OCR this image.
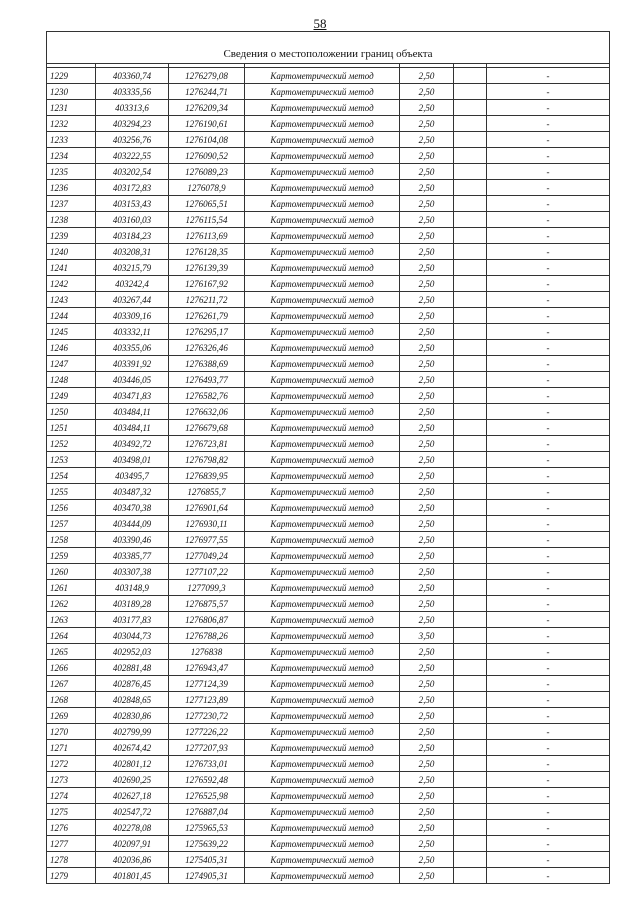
58
Сведения о местоположении границ объекта						

1229	403360,74	1276279,08	Картометрический метод	2,50		-
1230	403335,56	1276244,71	Картометрический метод	2,50		-
1231	403313,6	1276209,34	Картометрический метод	2,50		-
1232	403294,23	1276190,61	Картометрический метод	2,50		-
1233	403256,76	1276104,08	Картометрический метод	2,50		-
1234	403222,55	1276090,52	Картометрический метод	2,50		-
1235	403202,54	1276089,23	Картометрический метод	2,50		-
1236	403172,83	1276078,9	Картометрический метод	2,50		-
1237	403153,43	1276065,51	Картометрический метод	2,50		-
1238	403160,03	1276115,54	Картометрический метод	2,50		-
1239	403184,23	1276113,69	Картометрический метод	2,50		-
1240	403208,31	1276128,35	Картометрический метод	2,50		-
1241	403215,79	1276139,39	Картометрический метод	2,50		-
1242	403242,4	1276167,92	Картометрический метод	2,50		-
1243	403267,44	1276211,72	Картометрический метод	2,50		-
1244	403309,16	1276261,79	Картометрический метод	2,50		-
1245	403332,11	1276295,17	Картометрический метод	2,50		-
1246	403355,06	1276326,46	Картометрический метод	2,50		-
1247	403391,92	1276388,69	Картометрический метод	2,50		-
1248	403446,05	1276493,77	Картометрический метод	2,50		-
1249	403471,83	1276582,76	Картометрический метод	2,50		-
1250	403484,11	1276632,06	Картометрический метод	2,50		-
1251	403484,11	1276679,68	Картометрический метод	2,50		-
1252	403492,72	1276723,81	Картометрический метод	2,50		-
1253	403498,01	1276798,82	Картометрический метод	2,50		-
1254	403495,7	1276839,95	Картометрический метод	2,50		-
1255	403487,32	1276855,7	Картометрический метод	2,50		-
1256	403470,38	1276901,64	Картометрический метод	2,50		-
1257	403444,09	1276930,11	Картометрический метод	2,50		-
1258	403390,46	1276977,55	Картометрический метод	2,50		-
1259	403385,77	1277049,24	Картометрический метод	2,50		-
1260	403307,38	1277107,22	Картометрический метод	2,50		-
1261	403148,9	1277099,3	Картометрический метод	2,50		-
1262	403189,28	1276875,57	Картометрический метод	2,50		-
1263	403177,83	1276806,87	Картометрический метод	2,50		-
1264	403044,73	1276788,26	Картометрический метод	3,50		-
1265	402952,03	1276838	Картометрический метод	2,50		-
1266	402881,48	1276943,47	Картометрический метод	2,50		-
1267	402876,45	1277124,39	Картометрический метод	2,50		-
1268	402848,65	1277123,89	Картометрический метод	2,50		-
1269	402830,86	1277230,72	Картометрический метод	2,50		-
1270	402799,99	1277226,22	Картометрический метод	2,50		-
1271	402674,42	1277207,93	Картометрический метод	2,50		-
1272	402801,12	1276733,01	Картометрический метод	2,50		-
1273	402690,25	1276592,48	Картометрический метод	2,50		-
1274	402627,18	1276525,98	Картометрический метод	2,50		-
1275	402547,72	1276887,04	Картометрический метод	2,50		-
1276	402278,08	1275965,53	Картометрический метод	2,50		-
1277	402097,91	1275639,22	Картометрический метод	2,50		-
1278	402036,86	1275405,31	Картометрический метод	2,50		-
1279	401801,45	1274905,31	Картометрический метод	2,50		-
